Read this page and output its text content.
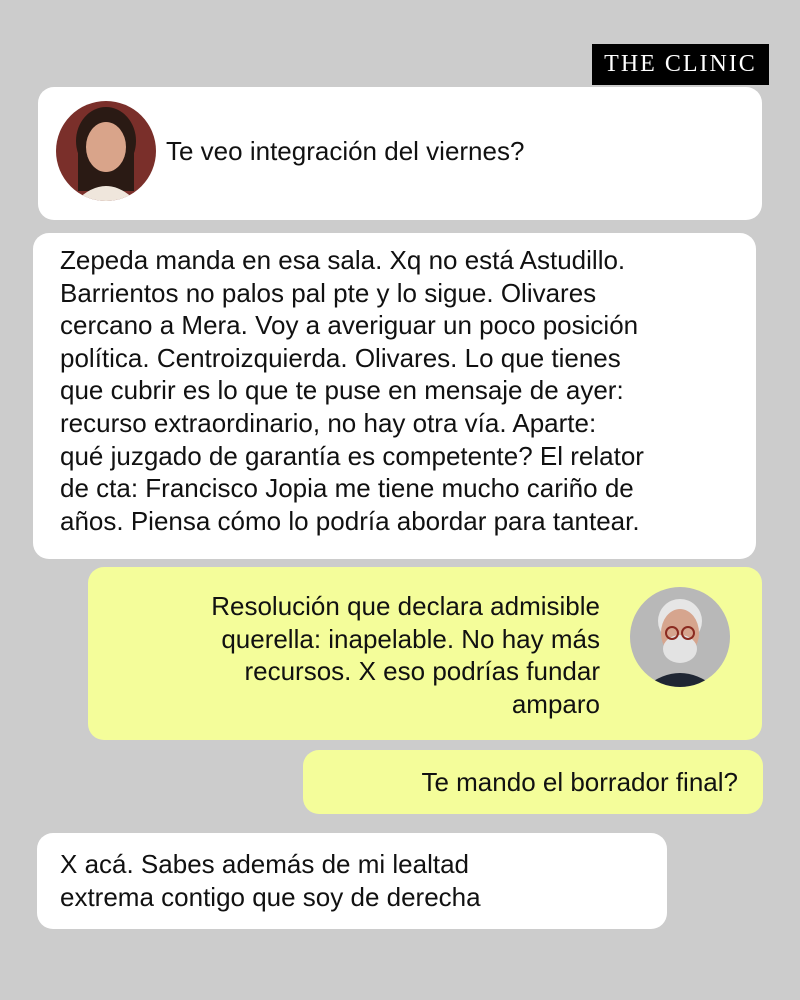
THE CLINIC
Te veo integración del viernes?
Zepeda manda en esa sala. Xq no está Astudillo.
Barrientos no palos pal pte y lo sigue. Olivares
cercano a Mera. Voy a averiguar un poco posición
política. Centroizquierda. Olivares. Lo que tienes
que cubrir es lo que te puse en mensaje de ayer:
recurso extraordinario, no hay otra vía. Aparte:
qué juzgado de garantía es competente? El relator
de cta: Francisco Jopia me tiene mucho cariño de
años. Piensa cómo lo podría abordar para tantear.
Resolución que declara admisible
querella: inapelable. No hay más
recursos. X eso podrías fundar
amparo
Te mando el borrador final?
X acá. Sabes además de mi lealtad
extrema contigo que soy de derecha
